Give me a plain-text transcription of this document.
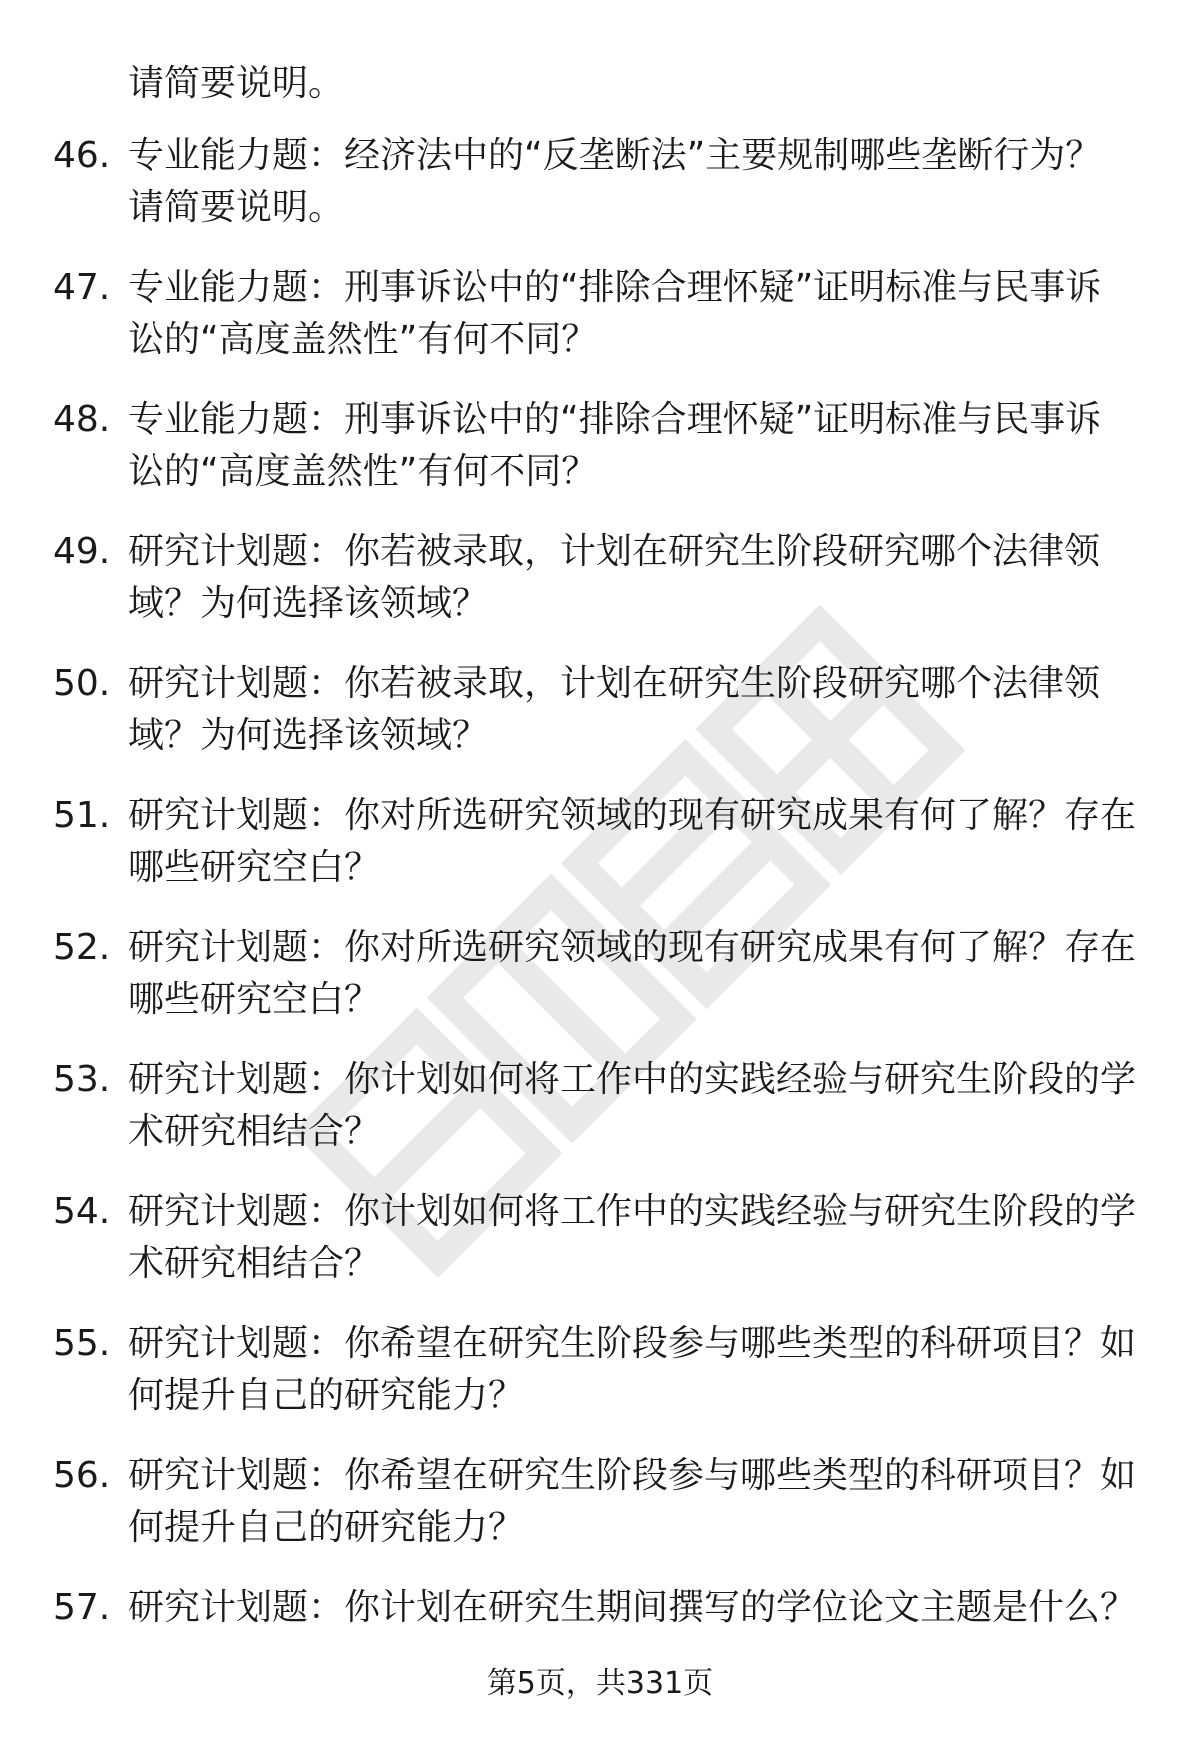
请简要说明。
46. 专业能力题：经济法中的“反垄断法”主要规制哪些垄断行为？
请简要说明。
47. 专业能力题：刑事诉讼中的“排除合理怀疑”证明标准与民事诉
讼的“高度盖然性”有何不同？
48. 专业能力题：刑事诉讼中的“排除合理怀疑”证明标准与民事诉
讼的“高度盖然性”有何不同？
49. 研究计划题：你若被录取，计划在研究生阶段研究哪个法律领
域？为何选择该领域？
50. 研究计划题：你若被录取，计划在研究生阶段研究哪个法律领
域？为何选择该领域？
51. 研究计划题：你对所选研究领域的现有研究成果有何了解？存在
哪些研究空白？
52. 研究计划题：你对所选研究领域的现有研究成果有何了解？存在
哪些研究空白？
53. 研究计划题：你计划如何将工作中的实践经验与研究生阶段的学
术研究相结合？
54. 研究计划题：你计划如何将工作中的实践经验与研究生阶段的学
术研究相结合？
55. 研究计划题：你希望在研究生阶段参与哪些类型的科研项目？如
何提升自己的研究能力？
56. 研究计划题：你希望在研究生阶段参与哪些类型的科研项目？如
何提升自己的研究能力？
57. 研究计划题：你计划在研究生期间撰写的学位论文主题是什么？
第5页，共331页
